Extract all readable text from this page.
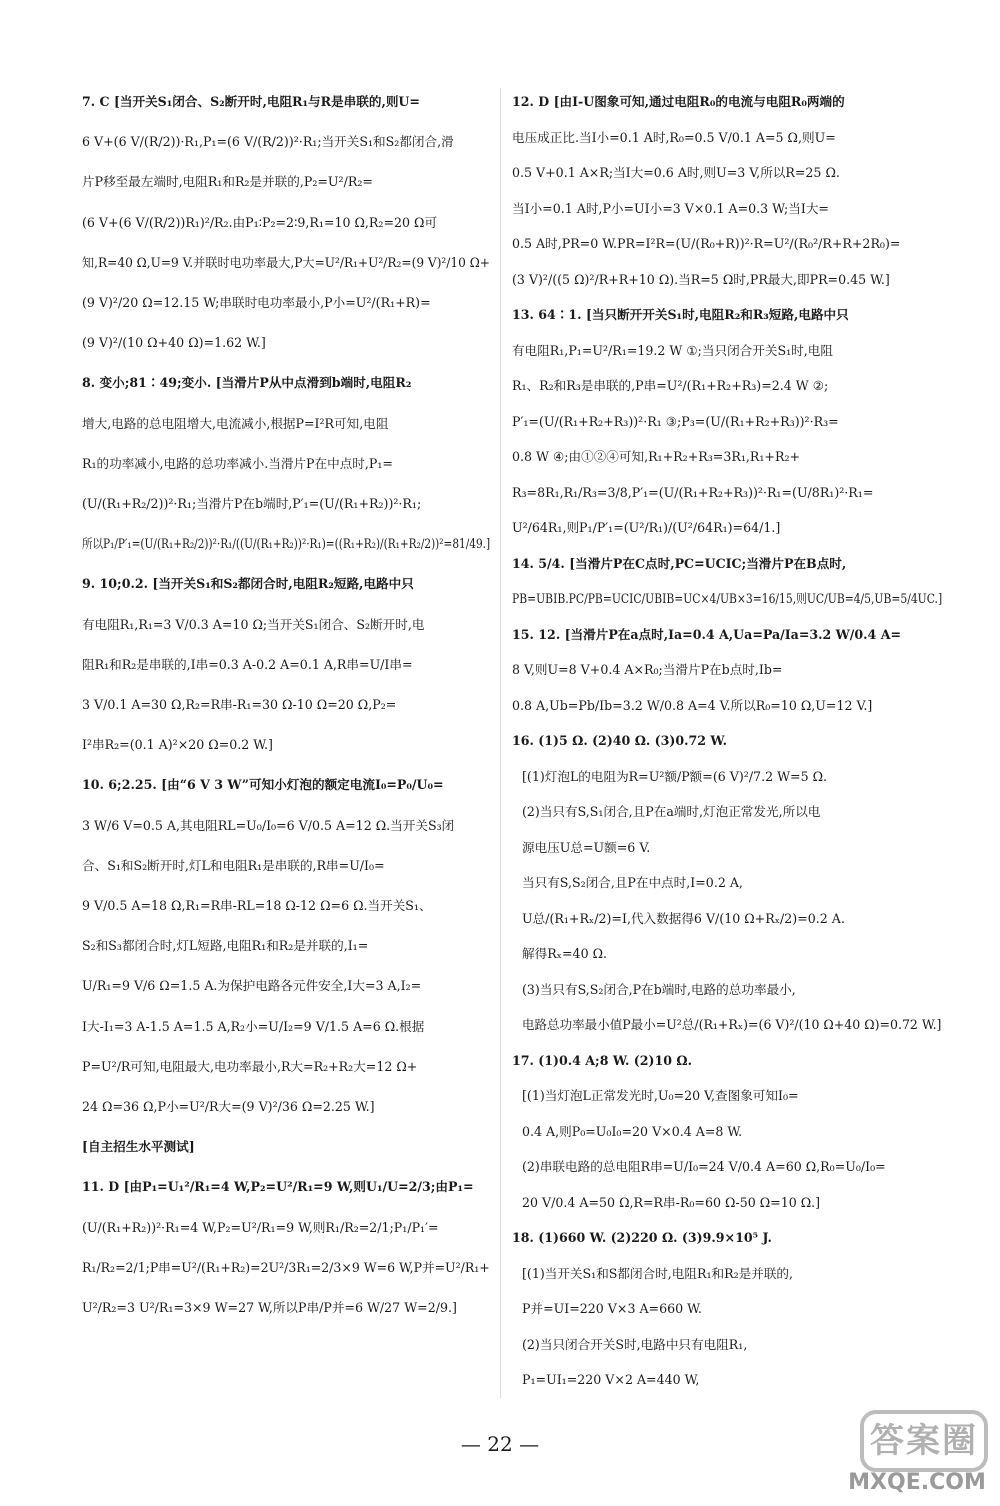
7. C [当开关S₁闭合、S₂断开时,电阻R₁与R是串联的,则U=
6 V+(6 V/(R/2))·R₁,P₁=(6 V/(R/2))²·R₁;当开关S₁和S₂都闭合,滑
片P移至最左端时,电阻R₁和R₂是并联的,P₂=U²/R₂=
(6 V+(6 V/(R/2))R₁)²/R₂.由P₁∶P₂=2∶9,R₁=10 Ω,R₂=20 Ω可
知,R=40 Ω,U=9 V.并联时电功率最大,P大=U²/R₁+U²/R₂=(9 V)²/10 Ω+
(9 V)²/20 Ω=12.15 W;串联时电功率最小,P小=U²/(R₁+R)=
(9 V)²/(10 Ω+40 Ω)=1.62 W.]
8. 变小;81∶49;变小. [当滑片P从中点滑到b端时,电阻R₂
增大,电路的总电阻增大,电流减小,根据P=I²R可知,电阻
R₁的功率减小,电路的总功率减小.当滑片P在中点时,P₁=
(U/(R₁+R₂/2))²·R₁;当滑片P在b端时,P′₁=(U/(R₁+R₂))²·R₁;
所以P₁/P′₁=(U/(R₁+R₂/2))²·R₁/((U/(R₁+R₂))²·R₁)=((R₁+R₂)/(R₁+R₂/2))²=81/49.]
9. 10;0.2. [当开关S₁和S₂都闭合时,电阻R₂短路,电路中只
有电阻R₁,R₁=3 V/0.3 A=10 Ω;当开关S₁闭合、S₂断开时,电
阻R₁和R₂是串联的,I串=0.3 A-0.2 A=0.1 A,R串=U/I串=
3 V/0.1 A=30 Ω,R₂=R串-R₁=30 Ω-10 Ω=20 Ω,P₂=
I²串R₂=(0.1 A)²×20 Ω=0.2 W.]
10. 6;2.25. [由“6 V 3 W”可知小灯泡的额定电流I₀=P₀/U₀=
3 W/6 V=0.5 A,其电阻RL=U₀/I₀=6 V/0.5 A=12 Ω.当开关S₃闭
合、S₁和S₂断开时,灯L和电阻R₁是串联的,R串=U/I₀=
9 V/0.5 A=18 Ω,R₁=R串-RL=18 Ω-12 Ω=6 Ω.当开关S₁、
S₂和S₃都闭合时,灯L短路,电阻R₁和R₂是并联的,I₁=
U/R₁=9 V/6 Ω=1.5 A.为保护电路各元件安全,I大=3 A,I₂=
I大-I₁=3 A-1.5 A=1.5 A,R₂小=U/I₂=9 V/1.5 A=6 Ω.根据
P=U²/R可知,电阻最大,电功率最小,R大=R₂+R₂大=12 Ω+
24 Ω=36 Ω,P小=U²/R大=(9 V)²/36 Ω=2.25 W.]
[自主招生水平测试]
11. D [由P₁=U₁²/R₁=4 W,P₂=U²/R₁=9 W,则U₁/U=2/3;由P₁=
(U/(R₁+R₂))²·R₁=4 W,P₂=U²/R₁=9 W,则R₁/R₂=2/1;P₁/P₁′=
R₁/R₂=2/1;P串=U²/(R₁+R₂)=2U²/3R₁=2/3×9 W=6 W,P并=U²/R₁+
U²/R₂=3 U²/R₁=3×9 W=27 W,所以P串/P并=6 W/27 W=2/9.]
12. D [由I-U图象可知,通过电阻R₀的电流与电阻R₀两端的
电压成正比.当I小=0.1 A时,R₀=0.5 V/0.1 A=5 Ω,则U=
0.5 V+0.1 A×R;当I大=0.6 A时,则U=3 V,所以R=25 Ω.
当I小=0.1 A时,P小=UI小=3 V×0.1 A=0.3 W;当I大=
0.5 A时,PR=0 W.PR=I²R=(U/(R₀+R))²·R=U²/(R₀²/R+R+2R₀)=
(3 V)²/((5 Ω)²/R+R+10 Ω).当R=5 Ω时,PR最大,即PR=0.45 W.]
13. 64∶1. [当只断开开关S₁时,电阻R₂和R₃短路,电路中只
有电阻R₁,P₁=U²/R₁=19.2 W ①;当只闭合开关S₁时,电阻
R₁、R₂和R₃是串联的,P串=U²/(R₁+R₂+R₃)=2.4 W ②;
P′₁=(U/(R₁+R₂+R₃))²·R₁ ③;P₃=(U/(R₁+R₂+R₃))²·R₃=
0.8 W ④;由①②④可知,R₁+R₂+R₃=3R₁,R₁+R₂+
R₃=8R₁,R₁/R₃=3/8,P′₁=(U/(R₁+R₂+R₃))²·R₁=(U/8R₁)²·R₁=
U²/64R₁,则P₁/P′₁=(U²/R₁)/(U²/64R₁)=64/1.]
14. 5/4. [当滑片P在C点时,PC=UCIC;当滑片P在B点时,
PB=UBIB.PC/PB=UCIC/UBIB=UC×4/UB×3=16/15,则UC/UB=4/5,UB=5/4UC.]
15. 12. [当滑片P在a点时,Ia=0.4 A,Ua=Pa/Ia=3.2 W/0.4 A=
8 V,则U=8 V+0.4 A×R₀;当滑片P在b点时,Ib=
0.8 A,Ub=Pb/Ib=3.2 W/0.8 A=4 V.所以R₀=10 Ω,U=12 V.]
16. (1)5 Ω. (2)40 Ω. (3)0.72 W.
[(1)灯泡L的电阻为R=U²额/P额=(6 V)²/7.2 W=5 Ω.
(2)当只有S,S₁闭合,且P在a端时,灯泡正常发光,所以电
源电压U总=U额=6 V.
当只有S,S₂闭合,且P在中点时,I=0.2 A,
U总/(R₁+Rₓ/2)=I,代入数据得6 V/(10 Ω+Rₓ/2)=0.2 A.
解得Rₓ=40 Ω.
(3)当只有S,S₂闭合,P在b端时,电路的总功率最小,
电路总功率最小值P最小=U²总/(R₁+Rₓ)=(6 V)²/(10 Ω+40 Ω)=0.72 W.]
17. (1)0.4 A;8 W. (2)10 Ω.
[(1)当灯泡L正常发光时,U₀=20 V,查图象可知I₀=
0.4 A,则P₀=U₀I₀=20 V×0.4 A=8 W.
(2)串联电路的总电阻R串=U/I₀=24 V/0.4 A=60 Ω,R₀=U₀/I₀=
20 V/0.4 A=50 Ω,R=R串-R₀=60 Ω-50 Ω=10 Ω.]
18. (1)660 W. (2)220 Ω. (3)9.9×10⁵ J.
[(1)当开关S₁和S都闭合时,电阻R₁和R₂是并联的,
P并=UI=220 V×3 A=660 W.
(2)当只闭合开关S时,电路中只有电阻R₁,
P₁=UI₁=220 V×2 A=440 W,
— 22 —	答案圈
MXQE.COM
